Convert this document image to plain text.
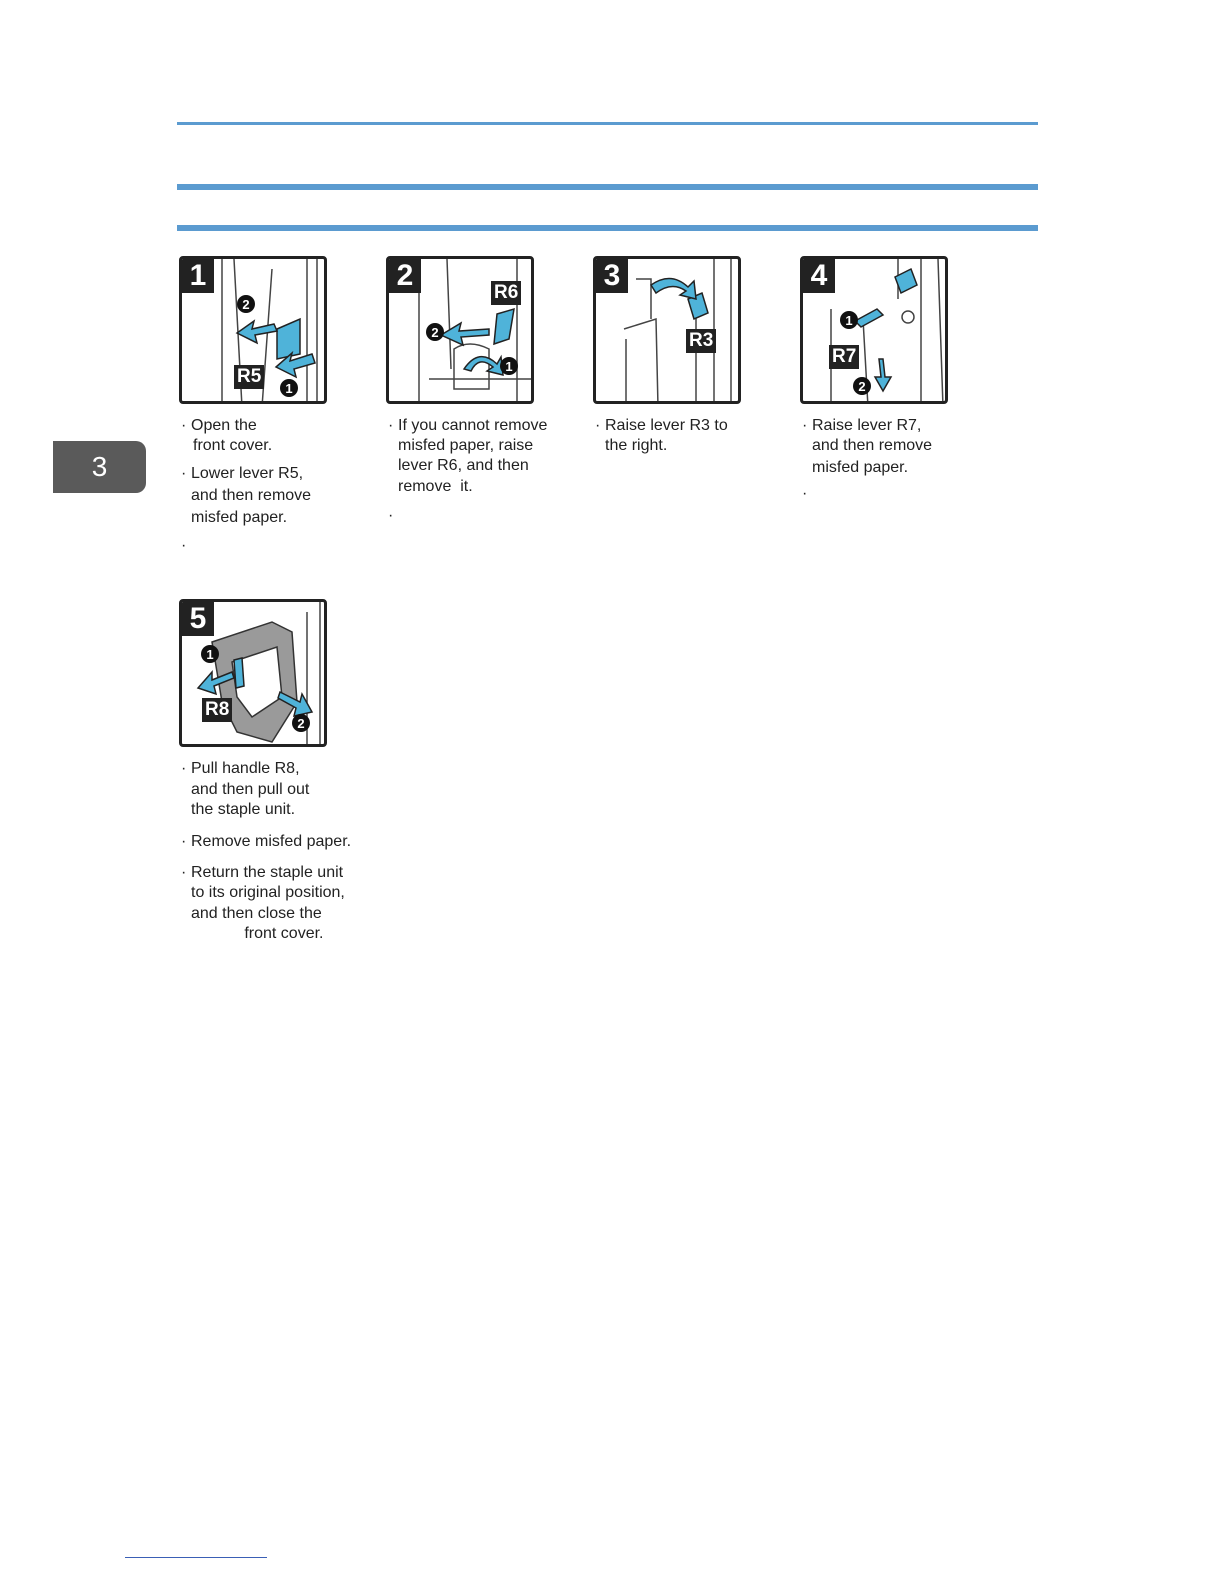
3
1
R5
2
1

·

Open the

front cover.

·

Lower lever R5,

and then remove

misfed paper.

·

2
R6
2
1

·

If you cannot remove

misfed paper, raise

lever R6, and then

remove  it.

·

3
R3

·

Raise lever R3 to

the right.

4
R7
1
2

·

Raise lever R7,

and then remove

misfed paper.

·

5
R8
1
2

·

Pull handle R8,

and then pull out

the staple unit.

·

Remove misfed paper.

·

Return the staple unit

to its original position,

and then close the

front cover.
